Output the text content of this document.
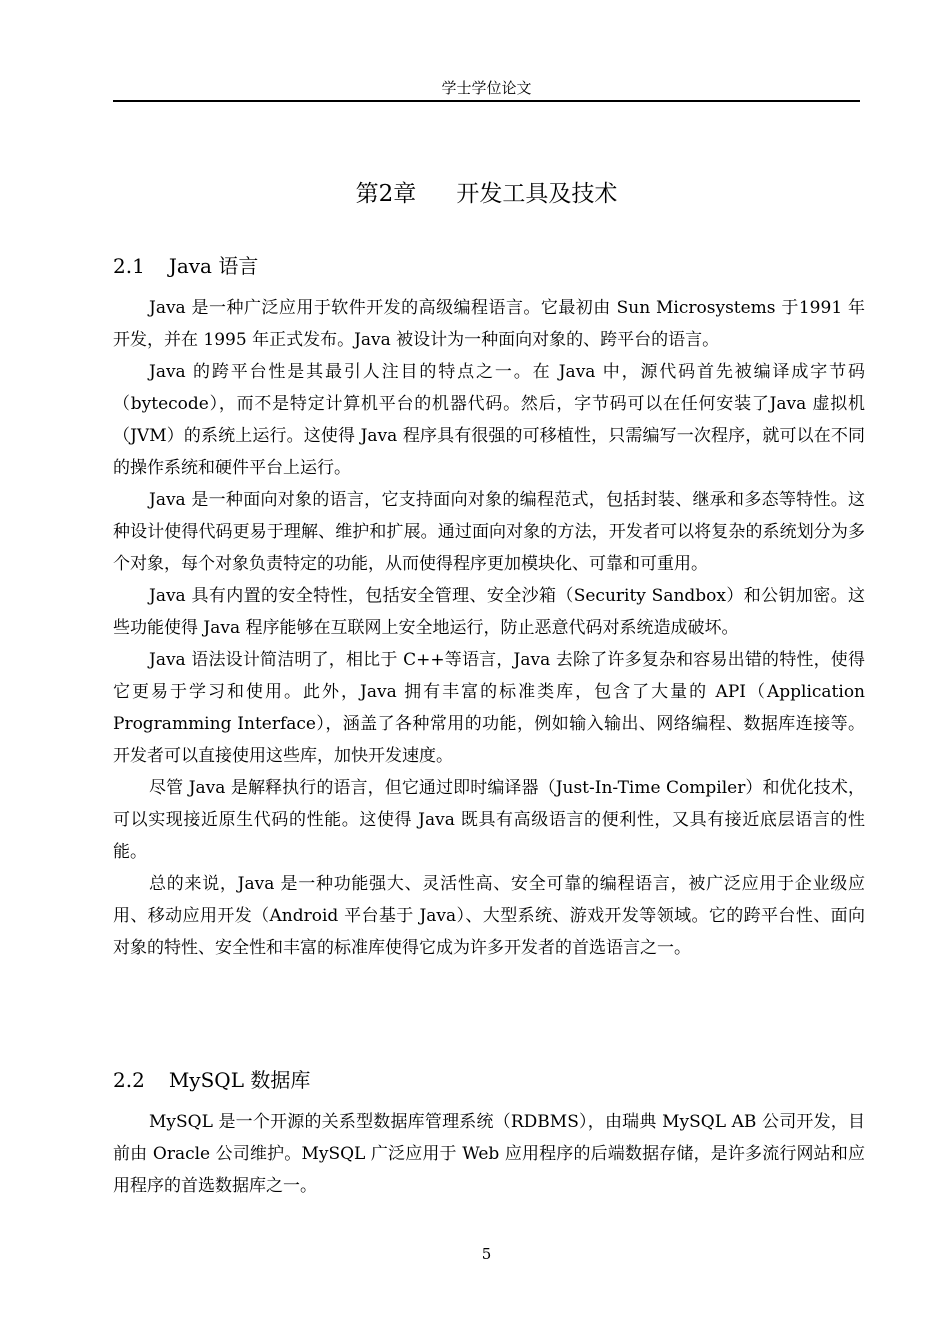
学士学位论文
第2章 开发工具及技术
2.1 Java 语言

Java 是一种广泛应用于软件开发的高级编程语言。它最初由 Sun Microsystems 于1991 年开发，并在 1995 年正式发布。Java 被设计为一种面向对象的、跨平台的语言。

Java 的跨平台性是其最引人注目的特点之一。在 Java 中，源代码首先被编译成字节码（bytecode），而不是特定计算机平台的机器代码。然后，字节码可以在任何安装了Java 虚拟机（JVM）的系统上运行。这使得 Java 程序具有很强的可移植性，只需编写一次程序，就可以在不同的操作系统和硬件平台上运行。

Java 是一种面向对象的语言，它支持面向对象的编程范式，包括封装、继承和多态等特性。这种设计使得代码更易于理解、维护和扩展。通过面向对象的方法，开发者可以将复杂的系统划分为多个对象，每个对象负责特定的功能，从而使得程序更加模块化、可靠和可重用。

Java 具有内置的安全特性，包括安全管理、安全沙箱（Security Sandbox）和公钥加密。这些功能使得 Java 程序能够在互联网上安全地运行，防止恶意代码对系统造成破坏。

Java 语法设计简洁明了，相比于 C++等语言，Java 去除了许多复杂和容易出错的特性，使得它更易于学习和使用。此外，Java 拥有丰富的标准类库，包含了大量的 API（Application Programming Interface），涵盖了各种常用的功能，例如输入输出、网络编程、数据库连接等。开发者可以直接使用这些库，加快开发速度。

尽管 Java 是解释执行的语言，但它通过即时编译器（Just-In-Time Compiler）和优化技术，可以实现接近原生代码的性能。这使得 Java 既具有高级语言的便利性，又具有接近底层语言的性能。

总的来说，Java 是一种功能强大、灵活性高、安全可靠的编程语言，被广泛应用于企业级应用、移动应用开发（Android 平台基于 Java）、大型系统、游戏开发等领域。它的跨平台性、面向对象的特性、安全性和丰富的标准库使得它成为许多开发者的首选语言之一。

2.2 MySQL 数据库

MySQL 是一个开源的关系型数据库管理系统（RDBMS），由瑞典 MySQL AB 公司开发，目前由 Oracle 公司维护。MySQL 广泛应用于 Web 应用程序的后端数据存储，是许多流行网站和应用程序的首选数据库之一。

5
